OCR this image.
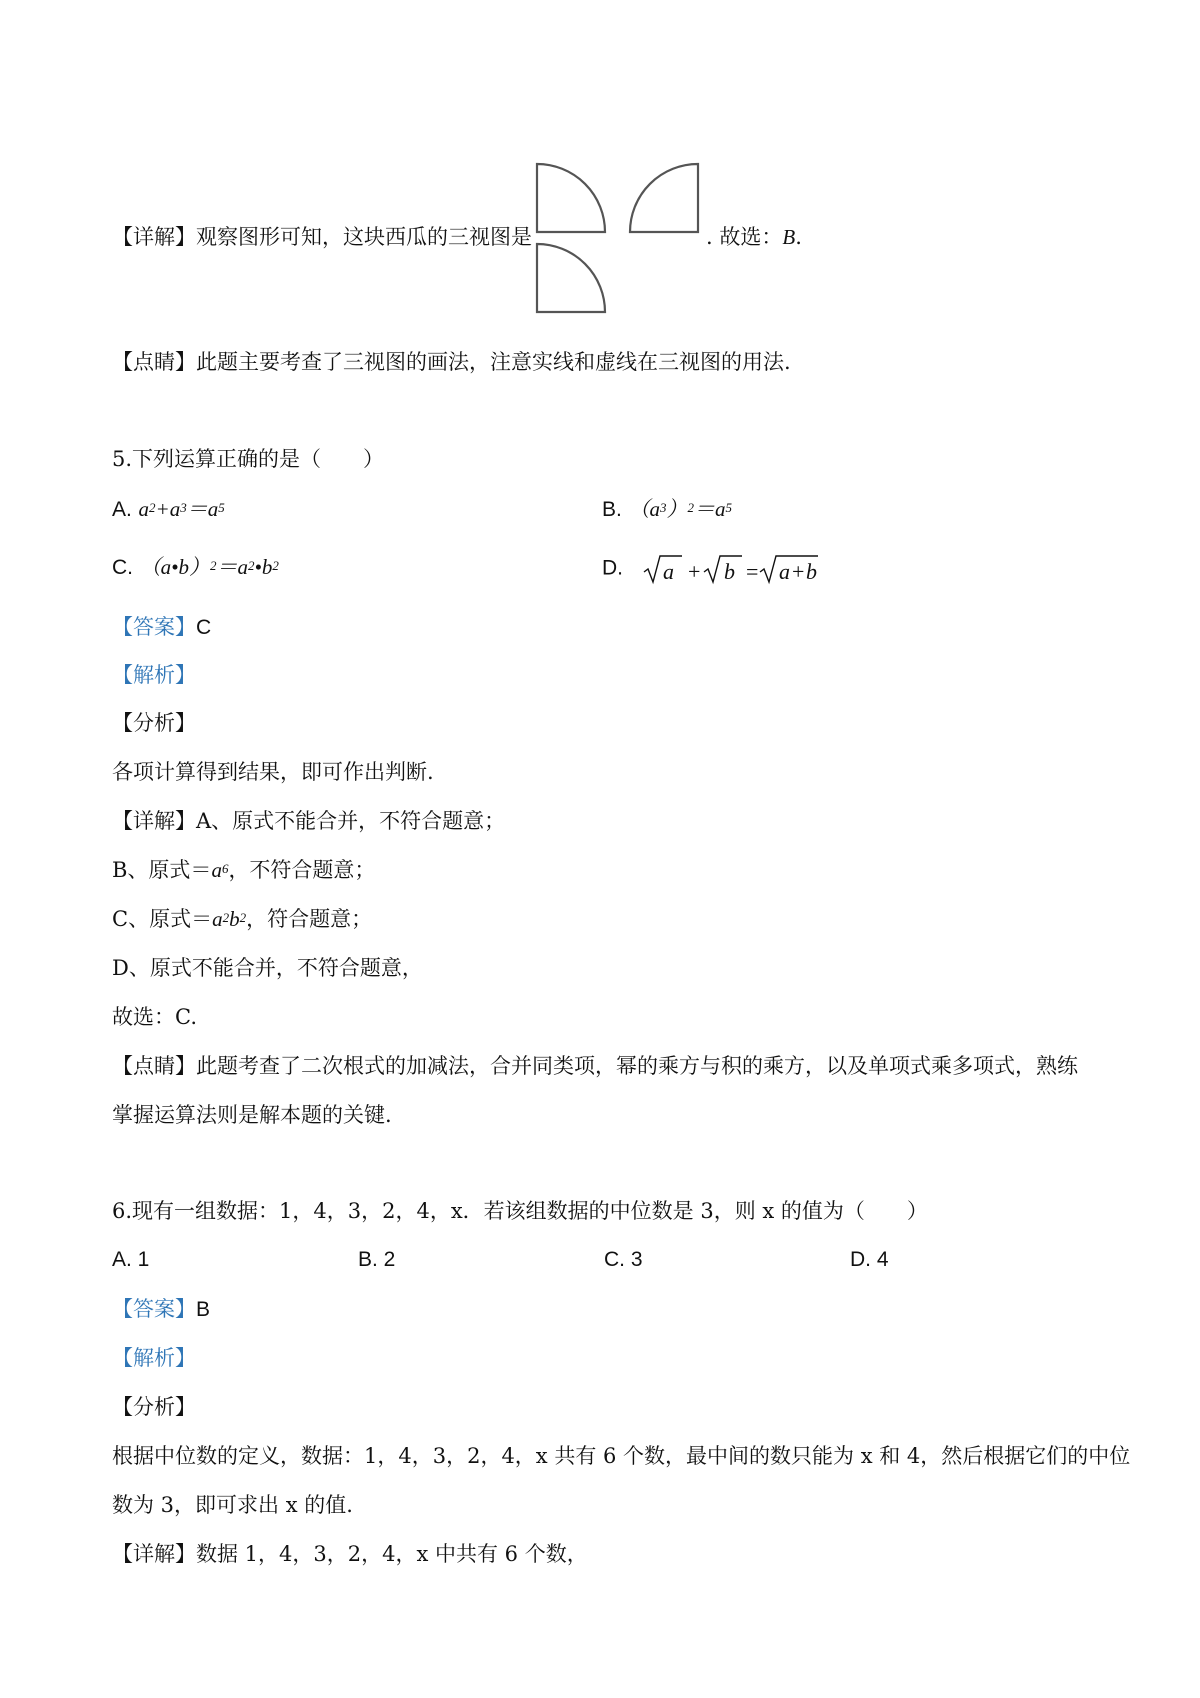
【详解】观察图形可知，这块西瓜的三视图是	. 故选：B.
【点睛】此题主要考查了三视图的画法，注意实线和虚线在三视图的用法.
5.下列运算正确的是（　　）
A. $a^2+a^3=a^5$	B. $(a^3)^2=a^5$
C. $(a•b)^2=a^2•b^2$	D. a + b = a + b
【答案】C
【解析】
【分析】
各项计算得到结果，即可作出判断.
【详解】A、原式不能合并，不符合题意；
B、原式$=a^6$，不符合题意；
C、原式$=a^2b^2$，符合题意；
D、原式不能合并，不符合题意，
故选：C.
【点睛】此题考查了二次根式的加减法，合并同类项，幂的乘方与积的乘方，以及单项式乘多项式，熟练
掌握运算法则是解本题的关键.
6.现有一组数据：1，4，3，2，4，x．若该组数据的中位数是 3，则 x 的值为（　　）
A. 1	B. 2	C. 3	D. 4
【答案】B
【解析】
【分析】
根据中位数的定义，数据：1，4，3，2，4，x 共有 6 个数，最中间的数只能为 x 和 4，然后根据它们的中位
数为 3，即可求出 x 的值.
【详解】数据 1，4，3，2，4，x 中共有 6 个数，
